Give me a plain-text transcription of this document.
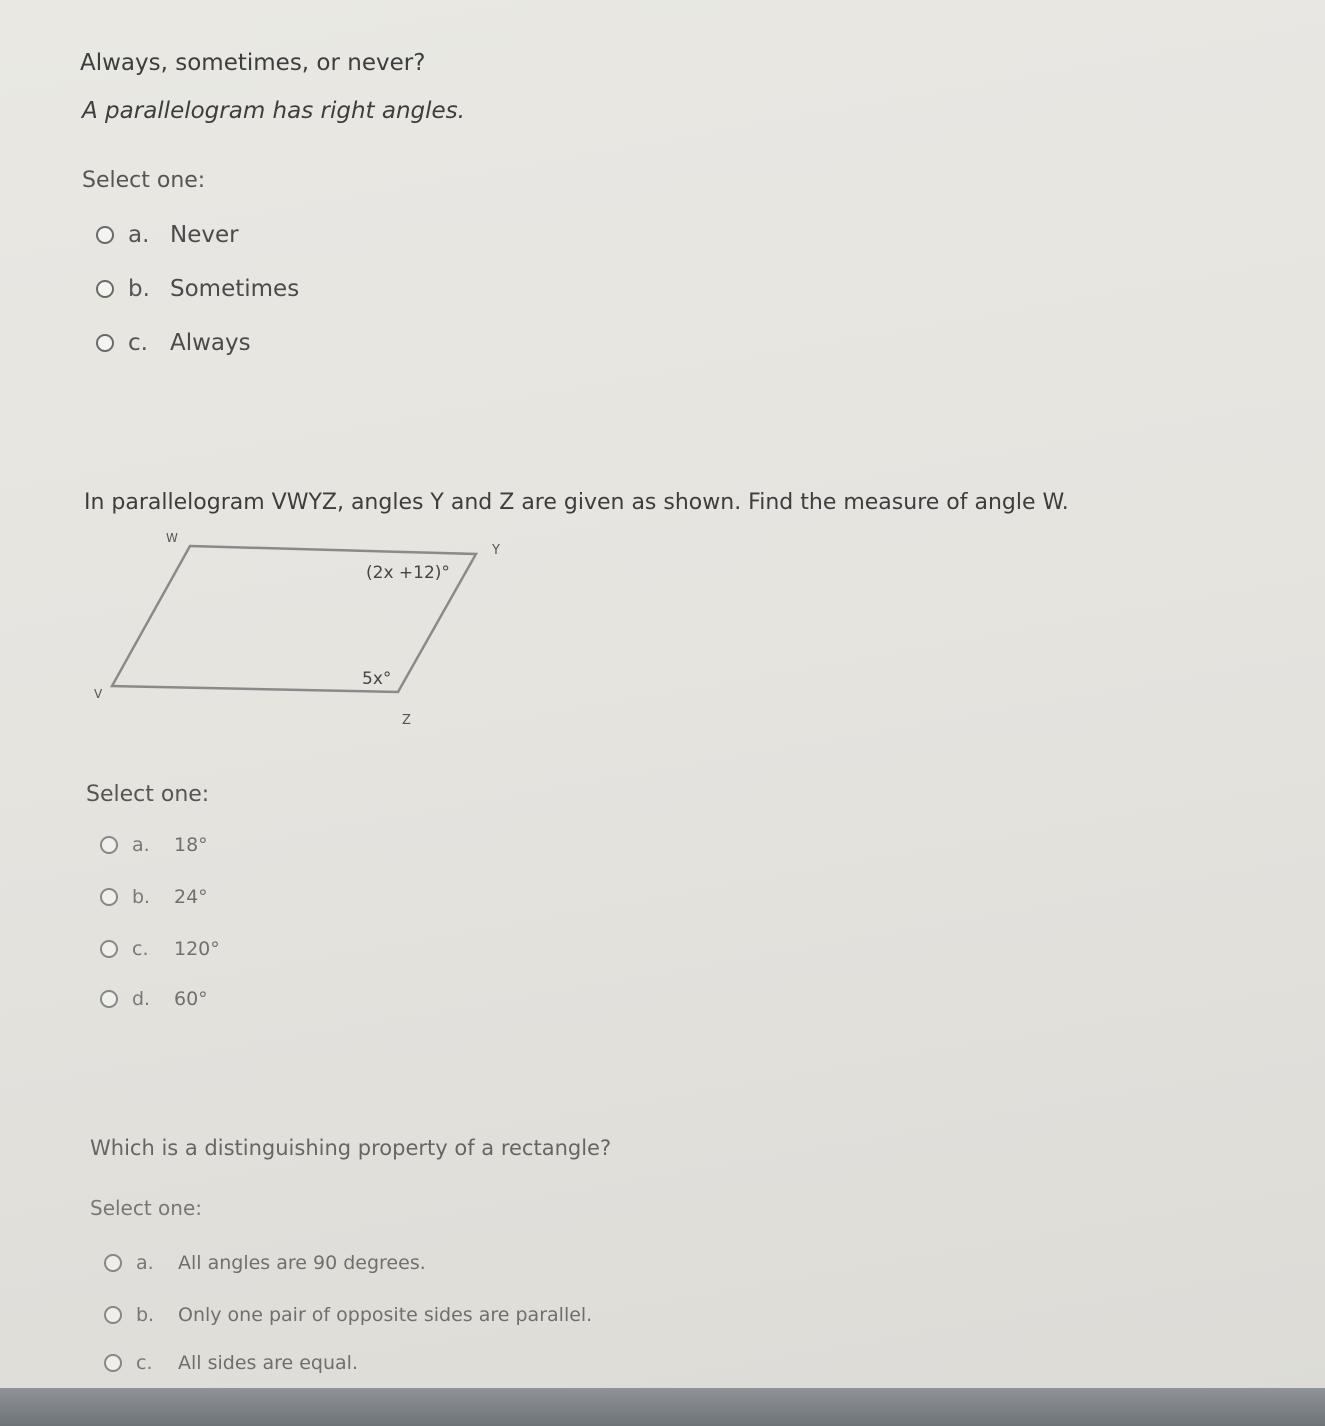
Always, sometimes, or never?
A parallelogram has right angles.
Select one:
a. Never
b. Sometimes
c. Always
In parallelogram VWYZ, angles Y and Z are given as shown. Find the measure of angle W.
W
Y
V
Z
(2x +12)°
5x°
Select one:
a.	18°
b.	24°
c.	120°
d.	60°
Which is a distinguishing property of a rectangle?
Select one:
a.	All angles are 90 degrees.
b.	Only one pair of opposite sides are parallel.
c.	All sides are equal.
